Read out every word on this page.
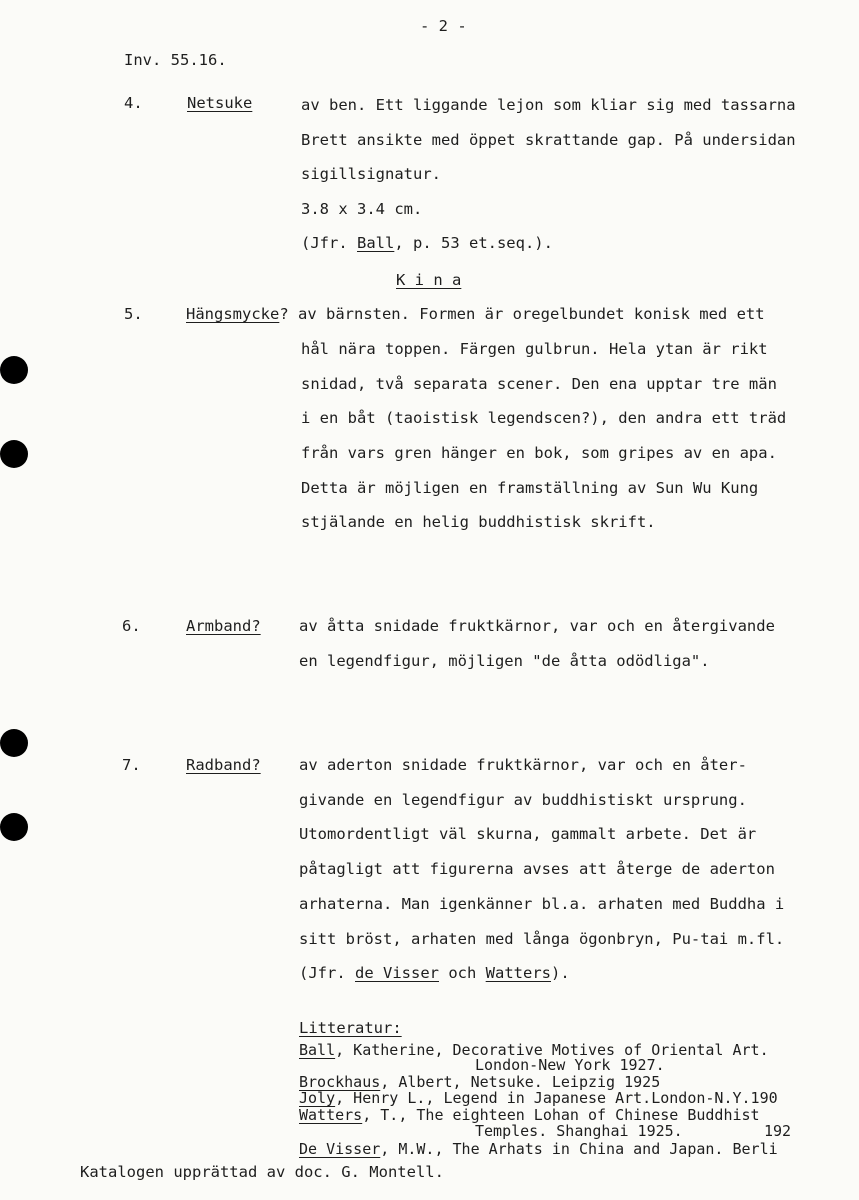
- 2 -
Inv. 55.16.
4.	Netsuke	av ben. Ett liggande lejon som kliar sig med tassarna
Brett ansikte med öppet skrattande gap. På undersidan
sigillsignatur.
3.8 x 3.4 cm.
(Jfr. Ball, p. 53 et.seq.).
K i n a
5.	Hängsmycke? av bärnsten. Formen är oregelbundet konisk med ett
hål nära toppen. Färgen gulbrun. Hela ytan är rikt
snidad, två separata scener. Den ena upptar tre män
i en båt (taoistisk legendscen?), den andra ett träd
från vars gren hänger en bok, som gripes av en apa.
Detta är möjligen en framställning av Sun Wu Kung
stjälande en helig buddhistisk skrift.
6.	Armband? av åtta snidade fruktkärnor, var och en återgivande
en legendfigur, möjligen "de åtta odödliga".
7.	Radband? av aderton snidade fruktkärnor, var och en åter-
givande en legendfigur av buddhistiskt ursprung.
Utomordentligt väl skurna, gammalt arbete. Det är
påtagligt att figurerna avses att återge de aderton
arhaterna. Man igenkänner bl.a. arhaten med Buddha i
sitt bröst, arhaten med långa ögonbryn, Pu-tai m.fl.
(Jfr. de Visser och Watters).
Litteratur:
Ball, Katherine, Decorative Motives of Oriental Art.
London-New York 1927.
Brockhaus, Albert, Netsuke. Leipzig 1925
Joly, Henry L., Legend in Japanese Art.London-N.Y.190
Watters, T., The eighteen Lohan of Chinese Buddhist
Temples. Shanghai 1925.         192
De Visser, M.W., The Arhats in China and Japan. Berli
Katalogen upprättad av doc. G. Montell.
